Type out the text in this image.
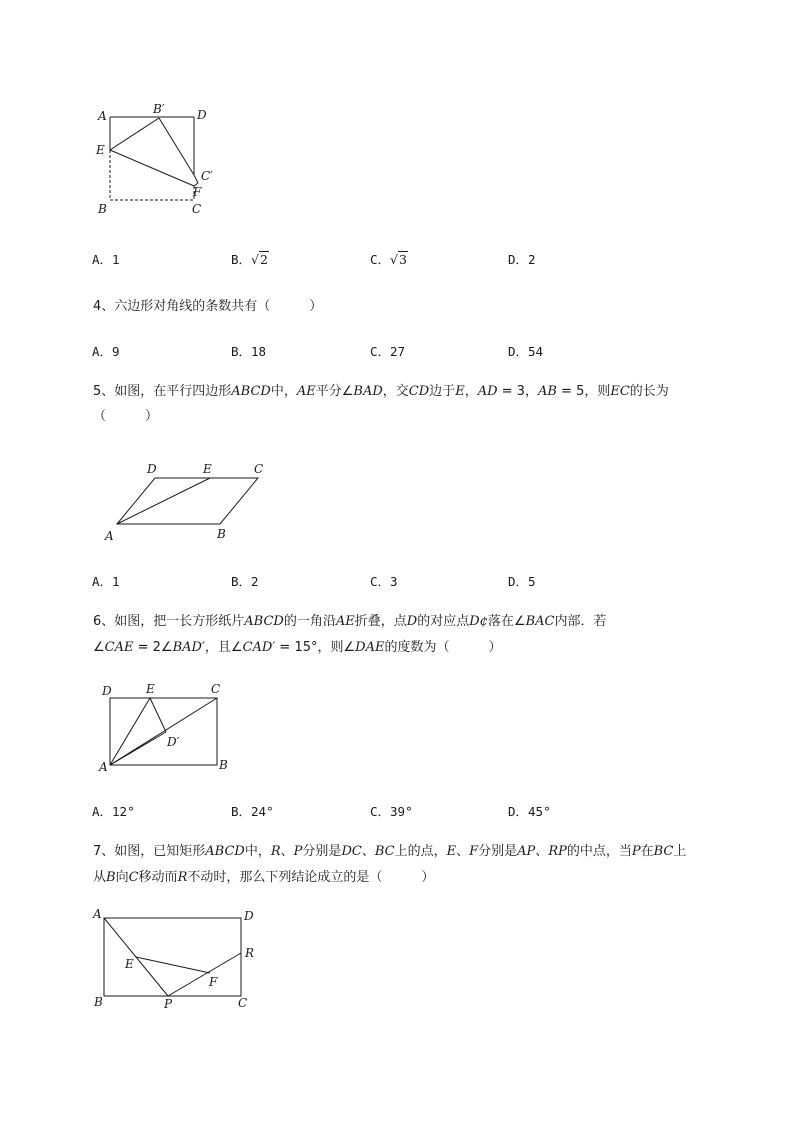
A	B′	D
E
C′
F
B	C
A．1	B．√2	C．√3	D．2
4、六边形对角线的条数共有（　　　）
A．9	B．18	C．27	D．54
5、如图，在平行四边形ABCD中，AE平分∠BAD，交CD边于E，AD = 3，AB = 5，则EC的长为
（　　　）
D	E	C
A	B
A．1	B．2	C．3	D．5
6、如图，把一长方形纸片ABCD的一角沿AE折叠，点D的对应点D¢落在∠BAC内部．若
∠CAE = 2∠BAD′，且∠CAD′ = 15°，则∠DAE的度数为（　　　）
D	E	C
D′
A	B
A．12°	B．24°	C．39°	D．45°
7、如图，已知矩形ABCD中，R、P分别是DC、BC上的点，E、F分别是AP、RP的中点，当P在BC上
从B向C移动而R不动时，那么下列结论成立的是（　　　）
A	D
R
E
F
B	P	C
